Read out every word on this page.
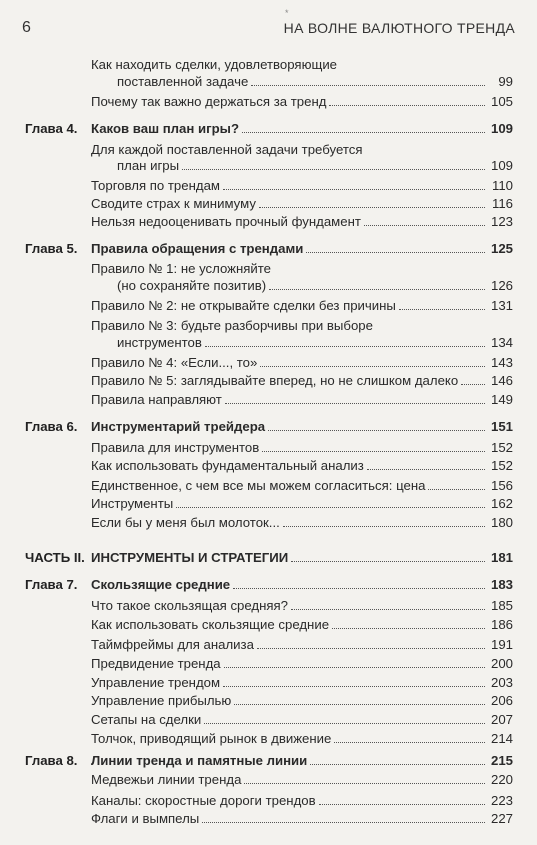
6	НА ВОЛНЕ ВАЛЮТНОГО ТРЕНДА
*
Как находить сделки, удовлетворяющие
поставленной задаче	99
Почему так важно держаться за тренд	105
Глава 4. Каков ваш план игры?	109
Для каждой поставленной задачи требуется
план игры	109
Торговля по трендам	110
Сводите страх к минимуму	116
Нельзя недооценивать прочный фундамент	123
Глава 5. Правила обращения с трендами	125
Правило № 1: не усложняйте
(но сохраняйте позитив)	126
Правило № 2: не открывайте сделки без причины	131
Правило № 3: будьте разборчивы при выборе
инструментов	134
Правило № 4: «Если..., то»	143
Правило № 5: заглядывайте вперед, но не слишком далеко	146
Правила направляют	149
Глава 6. Инструментарий трейдера	151
Правила для инструментов	152
Как использовать фундаментальный анализ	152
Единственное, с чем все мы можем согласиться: цена	156
Инструменты	162
Если бы у меня был молоток...	180
ЧАСТЬ II. ИНСТРУМЕНТЫ И СТРАТЕГИИ	181
Глава 7. Скользящие средние	183
Что такое скользящая средняя?	185
Как использовать скользящие средние	186
Таймфреймы для анализа	191
Предвидение тренда	200
Управление трендом	203
Управление прибылью	206
Сетапы на сделки	207
Толчок, приводящий рынок в движение	214
Глава 8. Линии тренда и памятные линии	215
Медвежьи линии тренда	220
Каналы: скоростные дороги трендов	223
Флаги и вымпелы	227
